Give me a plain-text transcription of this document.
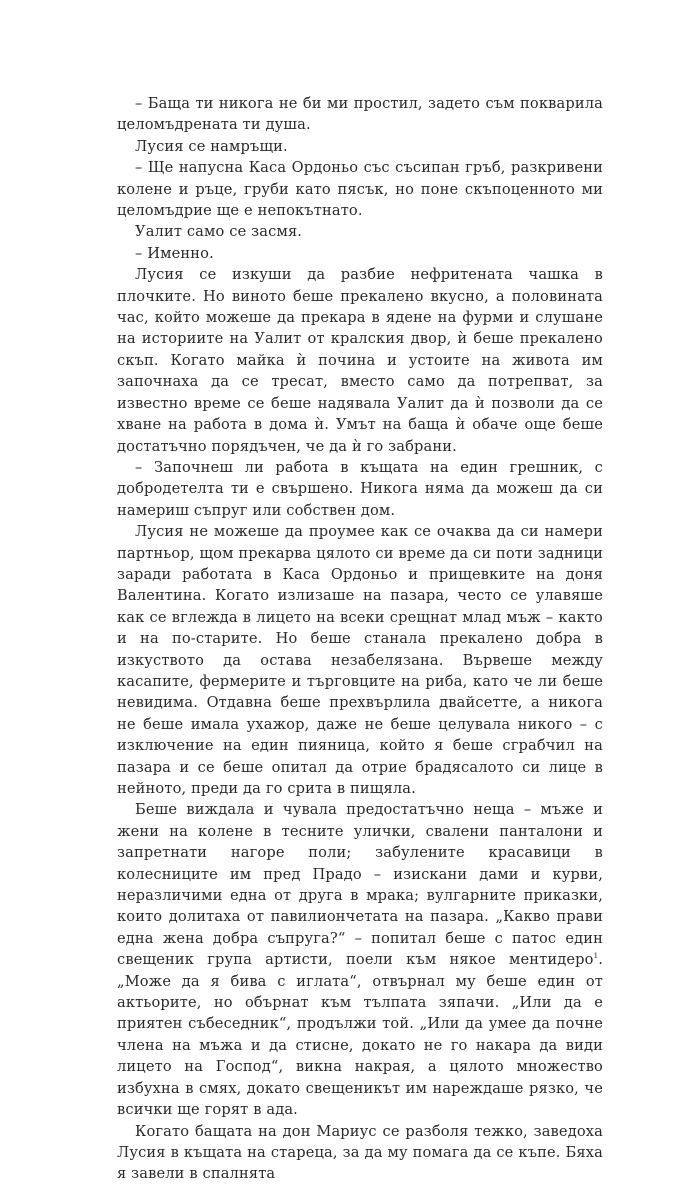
– Баща ти никога не би ми простил, задето съм покварила целомъдрената ти душа.

Лусия се намръщи.

– Ще напусна Каса Ордоньо със съсипан гръб, разкривени колене и ръце, груби като пясък, но поне скъпоценното ми целомъдрие ще е непокътнато.

Уалит само се засмя.

– Именно.

Лусия се изкуши да разбие нефритената чашка в плочките. Но виното беше прекалено вкусно, а половината час, който можеше да прекара в ядене на фурми и слушане на историите на Уалит от кралския двор, ѝ беше прекалено скъп. Когато майка ѝ почина и устоите на живота им започнаха да се тресат, вместо само да потрепват, за известно време се беше надявала Уалит да ѝ позволи да се хване на работа в дома ѝ. Умът на баща ѝ обаче още беше достатъчно порядъчен, че да ѝ го забрани.

– Започнеш ли работа в къщата на един грешник, с добродетелта ти е свършено. Никога няма да можеш да си намериш съпруг или собствен дом.

Лусия не можеше да проумее как се очаква да си намери партньор, щом прекарва цялото си време да си поти задници заради работата в Каса Ордоньо и прищевките на доня Валентина. Когато излизаше на пазара, често се улавяше как се вглежда в лицето на всеки срещнат млад мъж – както и на по-старите. Но беше станала прекалено добра в изкуството да остава незабелязана. Вървеше между касапите, фермерите и търговците на риба, като че ли беше невидима. Отдавна беше прехвърлила двайсетте, а никога не беше имала ухажор, даже не беше целувала никого – с изключение на един пияница, който я беше сграбчил на пазара и се беше опитал да отрие брадясалото си лице в нейното, преди да го срита в пищяла.

Беше виждала и чувала предостатъчно неща – мъже и жени на колене в тесните улички, свалени панталони и запретнати нагоре поли; забулените красавици в колесниците им пред Прадо – изискани дами и курви, неразличими една от друга в мрака; вулгарните приказки, които долитаха от павилиончетата на пазара. „Какво прави една жена добра съпруга?“ – попитал беше с патос един свещеник група артисти, поели към някое ментидеро$^1$. „Може да я бива с иглата“, отвърнал му беше един от актьорите, но обърнат към тълпата зяпачи. „Или да е приятен събеседник“, продължи той. „Или да умее да почне члена на мъжа и да стисне, докато не го накара да види лицето на Господ“, викна накрая, а цялото множество избухна в смях, докато свещеникът им нареждаше рязко, че всички ще горят в ада.

Когато бащата на дон Мариус се разболя тежко, заведоха Лусия в къщата на стареца, за да му помага да се къпе. Бяха я завели в спалнята
